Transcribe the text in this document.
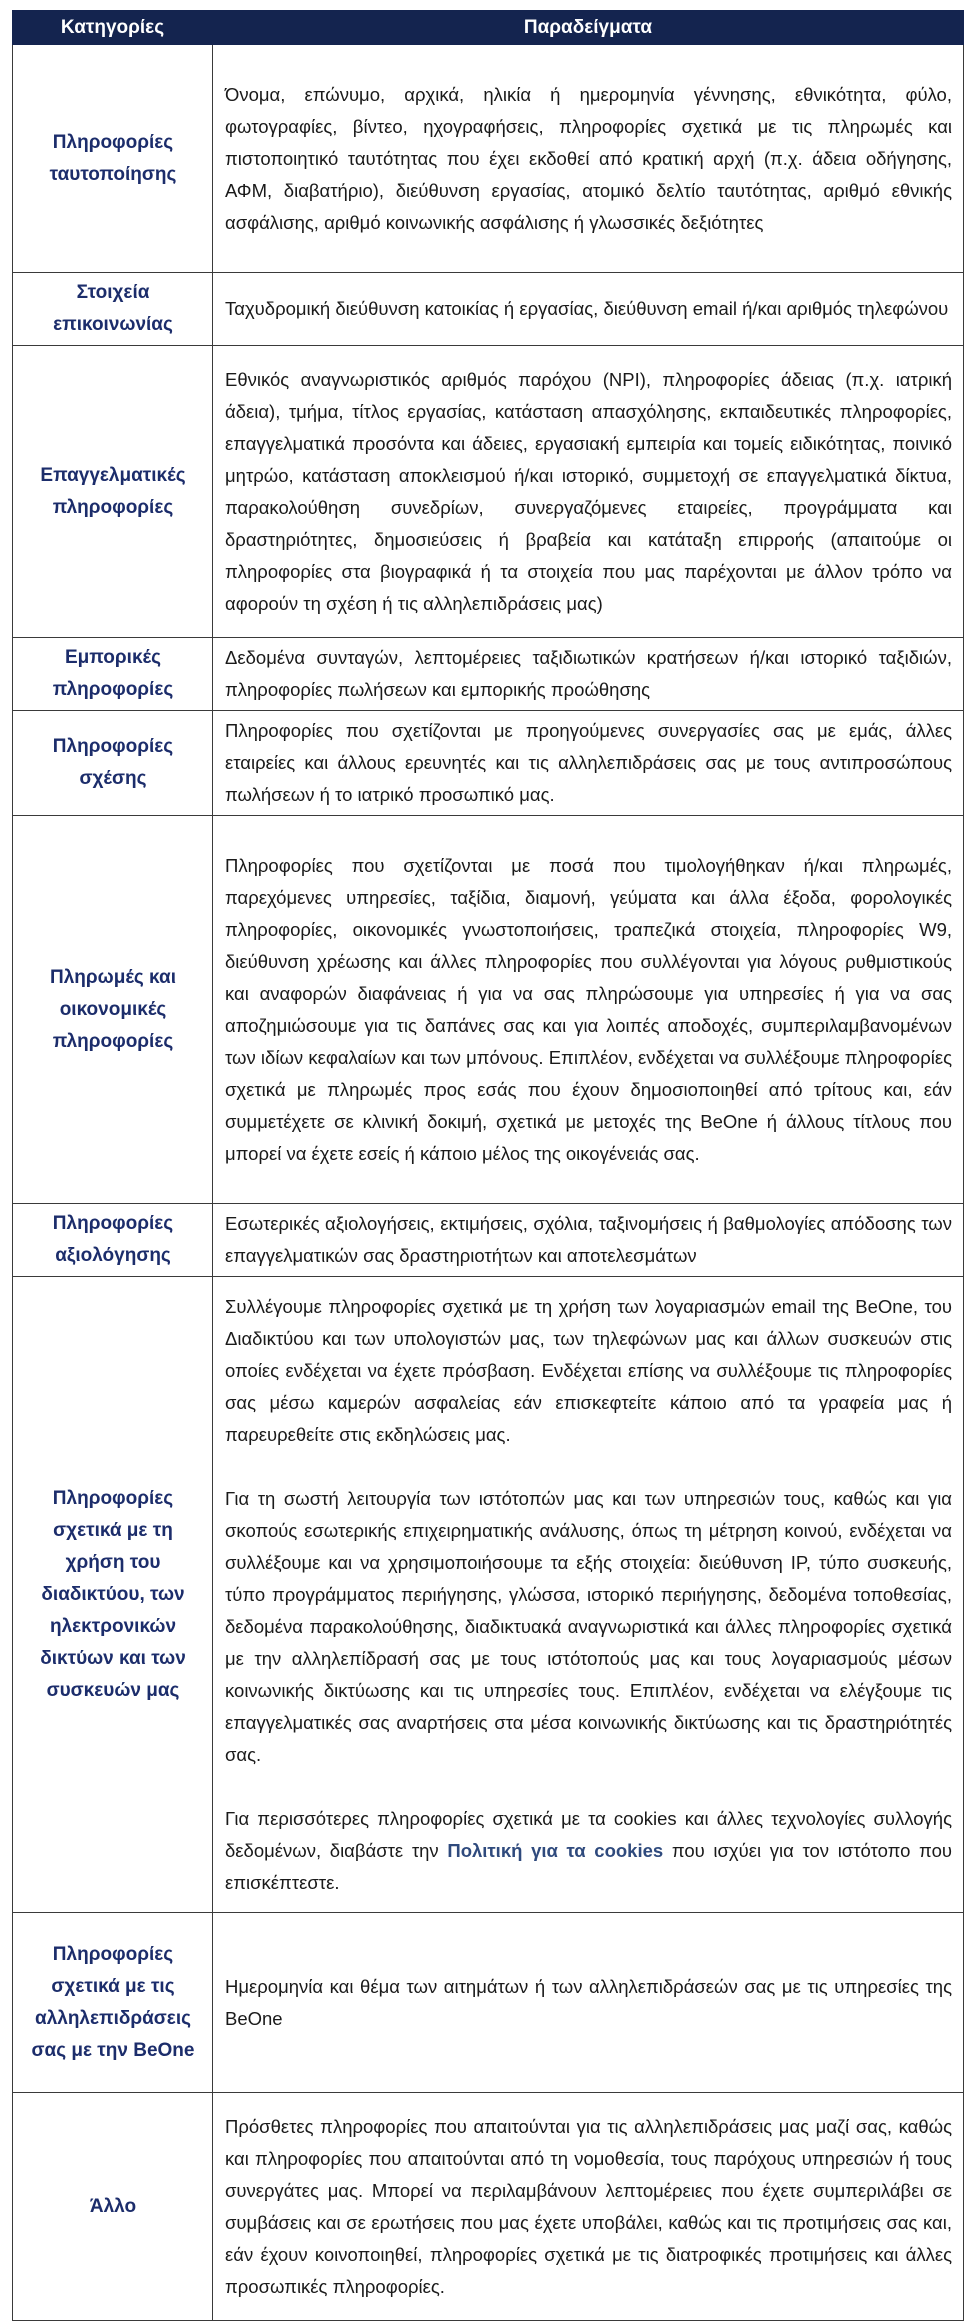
Κατηγορίες	Παραδείγματα
Πληροφορίες ταυτοποίησης	Όνομα, επώνυμο, αρχικά, ηλικία ή ημερομηνία γέννησης, εθνικότητα, φύλο, φωτογραφίες, βίντεο, ηχογραφήσεις, πληροφορίες σχετικά με τις πληρωμές και πιστοποιητικό ταυτότητας που έχει εκδοθεί από κρατική αρχή (π.χ. άδεια οδήγησης, ΑΦΜ, διαβατήριο), διεύθυνση εργασίας, ατομικό δελτίο ταυτότητας, αριθμό εθνικής ασφάλισης, αριθμό κοινωνικής ασφάλισης ή γλωσσικές δεξιότητες
Στοιχεία επικοινωνίας	Ταχυδρομική διεύθυνση κατοικίας ή εργασίας, διεύθυνση email ή/και αριθμός τηλεφώνου
Επαγγελματικές πληροφορίες	Εθνικός αναγνωριστικός αριθμός παρόχου (NPI), πληροφορίες άδειας (π.χ. ιατρική άδεια), τμήμα, τίτλος εργασίας, κατάσταση απασχόλησης, εκπαιδευτικές πληροφορίες, επαγγελματικά προσόντα και άδειες, εργασιακή εμπειρία και τομείς ειδικότητας, ποινικό μητρώο, κατάσταση αποκλεισμού ή/και ιστορικό, συμμετοχή σε επαγγελματικά δίκτυα, παρακολούθηση συνεδρίων, συνεργαζόμενες εταιρείες, προγράμματα και δραστηριότητες, δημοσιεύσεις ή βραβεία και κατάταξη επιρροής (απαιτούμε οι πληροφορίες στα βιογραφικά ή τα στοιχεία που μας παρέχονται με άλλον τρόπο να αφορούν τη σχέση ή τις αλληλεπιδράσεις μας)
Εμπορικές πληροφορίες	Δεδομένα συνταγών, λεπτομέρειες ταξιδιωτικών κρατήσεων ή/και ιστορικό ταξιδιών, πληροφορίες πωλήσεων και εμπορικής προώθησης
Πληροφορίες σχέσης	Πληροφορίες που σχετίζονται με προηγούμενες συνεργασίες σας με εμάς, άλλες εταιρείες και άλλους ερευνητές και τις αλληλεπιδράσεις σας με τους αντιπροσώπους πωλήσεων ή το ιατρικό προσωπικό μας.
Πληρωμές και οικονομικές πληροφορίες	Πληροφορίες που σχετίζονται με ποσά που τιμολογήθηκαν ή/και πληρωμές, παρεχόμενες υπηρεσίες, ταξίδια, διαμονή, γεύματα και άλλα έξοδα, φορολογικές πληροφορίες, οικονομικές γνωστοποιήσεις, τραπεζικά στοιχεία, πληροφορίες W9, διεύθυνση χρέωσης και άλλες πληροφορίες που συλλέγονται για λόγους ρυθμιστικούς και αναφορών διαφάνειας ή για να σας πληρώσουμε για υπηρεσίες ή για να σας αποζημιώσουμε για τις δαπάνες σας και για λοιπές αποδοχές, συμπεριλαμβανομένων των ιδίων κεφαλαίων και των μπόνους. Επιπλέον, ενδέχεται να συλλέξουμε πληροφορίες σχετικά με πληρωμές προς εσάς που έχουν δημοσιοποιηθεί από τρίτους και, εάν συμμετέχετε σε κλινική δοκιμή, σχετικά με μετοχές της BeOne ή άλλους τίτλους που μπορεί να έχετε εσείς ή κάποιο μέλος της οικογένειάς σας.
Πληροφορίες αξιολόγησης	Εσωτερικές αξιολογήσεις, εκτιμήσεις, σχόλια, ταξινομήσεις ή βαθμολογίες απόδοσης των επαγγελματικών σας δραστηριοτήτων και αποτελεσμάτων
Πληροφορίες σχετικά με τη χρήση του διαδικτύου, των ηλεκτρονικών δικτύων και των συσκευών μας	Συλλέγουμε πληροφορίες σχετικά με τη χρήση των λογαριασμών email της BeOne, του Διαδικτύου και των υπολογιστών μας, των τηλεφώνων μας και άλλων συσκευών στις οποίες ενδέχεται να έχετε πρόσβαση. Ενδέχεται επίσης να συλλέξουμε τις πληροφορίες σας μέσω καμερών ασφαλείας εάν επισκεφτείτε κάποιο από τα γραφεία μας ή παρευρεθείτε στις εκδηλώσεις μας.

Για τη σωστή λειτουργία των ιστότοπών μας και των υπηρεσιών τους, καθώς και για σκοπούς εσωτερικής επιχειρηματικής ανάλυσης, όπως τη μέτρηση κοινού, ενδέχεται να συλλέξουμε και να χρησιμοποιήσουμε τα εξής στοιχεία: διεύθυνση IP, τύπο συσκευής, τύπο προγράμματος περιήγησης, γλώσσα, ιστορικό περιήγησης, δεδομένα τοποθεσίας, δεδομένα παρακολούθησης, διαδικτυακά αναγνωριστικά και άλλες πληροφορίες σχετικά με την αλληλεπίδρασή σας με τους ιστότοπούς μας και τους λογαριασμούς μέσων κοινωνικής δικτύωσης και τις υπηρεσίες τους. Επιπλέον, ενδέχεται να ελέγξουμε τις επαγγελματικές σας αναρτήσεις στα μέσα κοινωνικής δικτύωσης και τις δραστηριότητές σας.

Για περισσότερες πληροφορίες σχετικά με τα cookies και άλλες τεχνολογίες συλλογής δεδομένων, διαβάστε την Πολιτική για τα cookies που ισχύει για τον ιστότοπο που επισκέπτεστε.

Πληροφορίες σχετικά με τις αλληλεπιδράσεις σας με την BeOne	Ημερομηνία και θέμα των αιτημάτων ή των αλληλεπιδράσεών σας με τις υπηρεσίες της BeOne
Άλλο	Πρόσθετες πληροφορίες που απαιτούνται για τις αλληλεπιδράσεις μας μαζί σας, καθώς και πληροφορίες που απαιτούνται από τη νομοθεσία, τους παρόχους υπηρεσιών ή τους συνεργάτες μας. Μπορεί να περιλαμβάνουν λεπτομέρειες που έχετε συμπεριλάβει σε συμβάσεις και σε ερωτήσεις που μας έχετε υποβάλει, καθώς και τις προτιμήσεις σας και, εάν έχουν κοινοποιηθεί, πληροφορίες σχετικά με τις διατροφικές προτιμήσεις και άλλες προσωπικές πληροφορίες.
